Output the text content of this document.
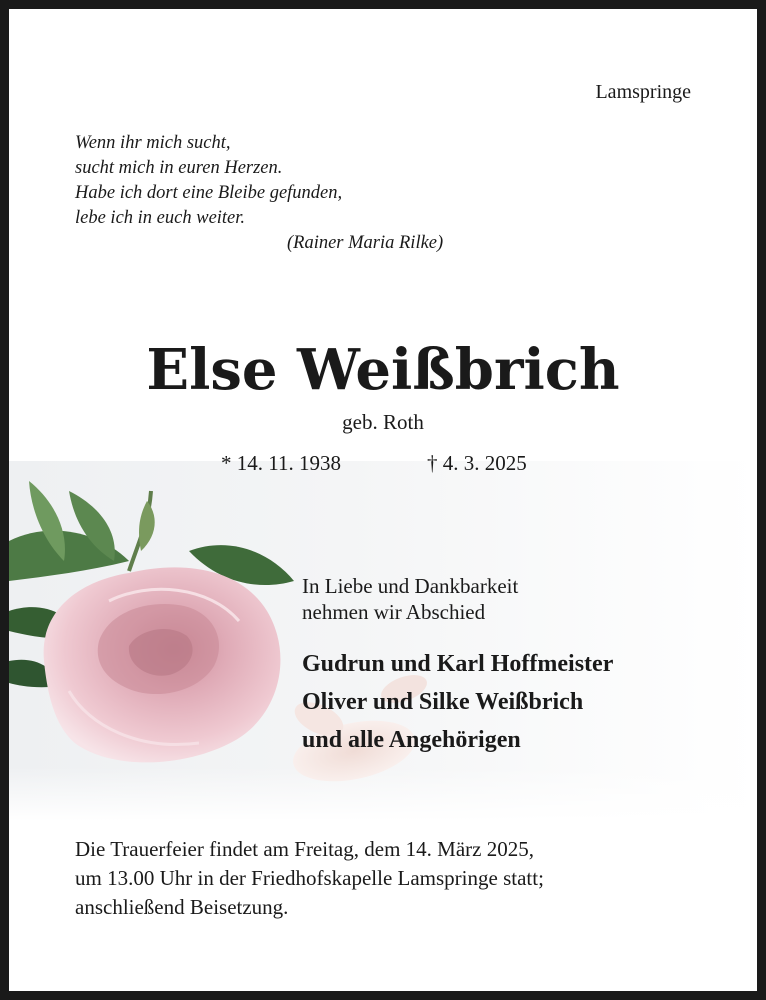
Lamspringe
Wenn ihr mich sucht,
sucht mich in euren Herzen.
Habe ich dort eine Bleibe gefunden,
lebe ich in euch weiter.
(Rainer Maria Rilke)
Else Weißbrich
geb. Roth
* 14. 11. 1938	† 4. 3. 2025
In Liebe und Dankbarkeit
nehmen wir Abschied
Gudrun und Karl Hoffmeister
Oliver und Silke Weißbrich
und alle Angehörigen
Die Trauerfeier findet am Freitag, dem 14. März 2025,
um 13.00 Uhr in der Friedhofskapelle Lamspringe statt;
anschließend Beisetzung.
